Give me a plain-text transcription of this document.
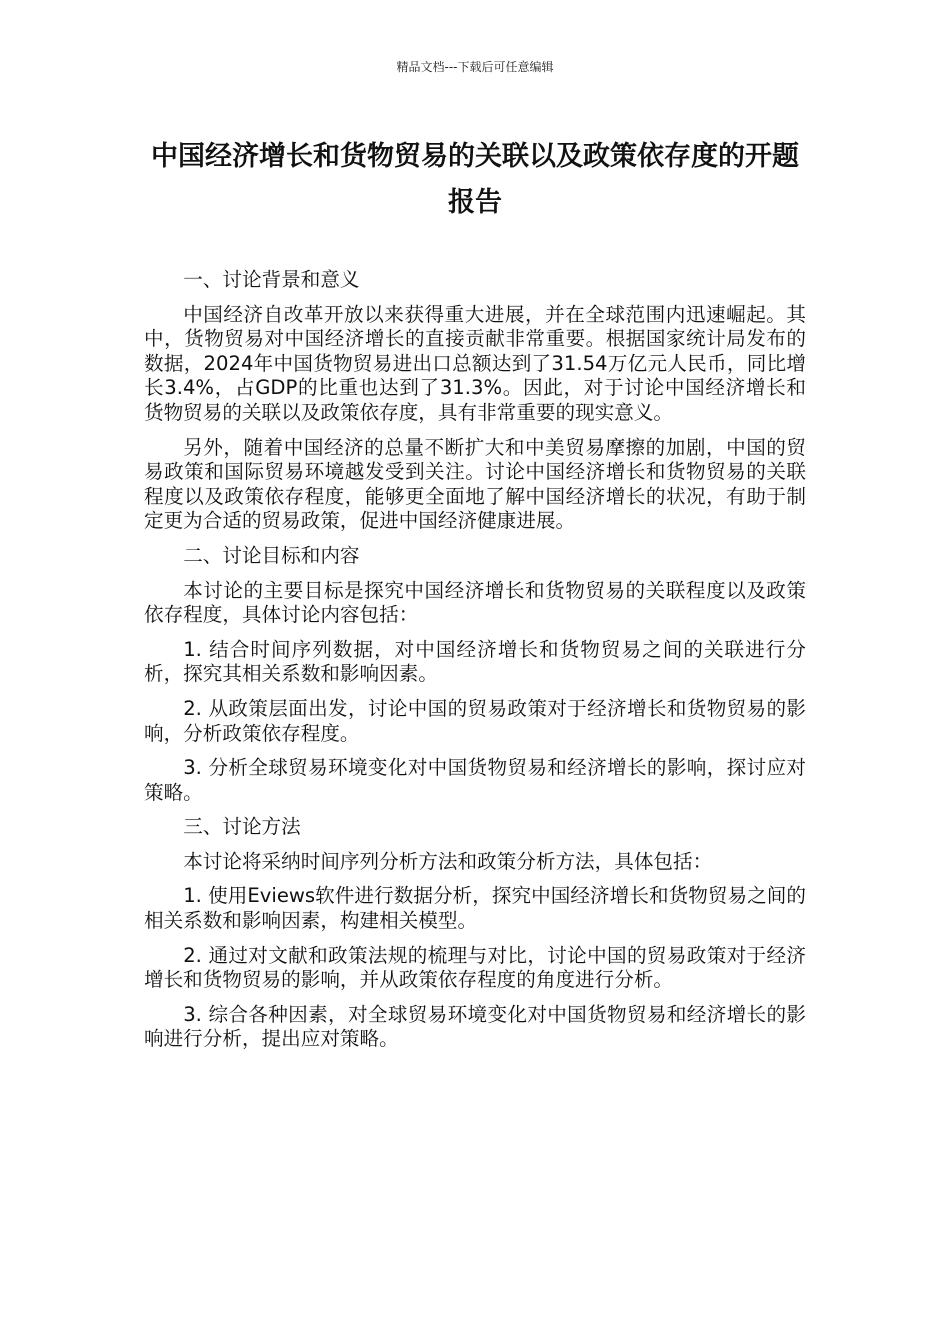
精品文档---下载后可任意编辑
中国经济增长和货物贸易的关联以及政策依存度的开题报告

一、讨论背景和意义

中国经济自改革开放以来获得重大进展，并在全球范围内迅速崛起。其中，货物贸易对中国经济增长的直接贡献非常重要。根据国家统计局发布的数据，2024年中国货物贸易进出口总额达到了31.54万亿元人民币，同比增长3.4%，占GDP的比重也达到了31.3%。因此，对于讨论中国经济增长和货物贸易的关联以及政策依存度，具有非常重要的现实意义。

另外，随着中国经济的总量不断扩大和中美贸易摩擦的加剧，中国的贸易政策和国际贸易环境越发受到关注。讨论中国经济增长和货物贸易的关联程度以及政策依存程度，能够更全面地了解中国经济增长的状况，有助于制定更为合适的贸易政策，促进中国经济健康进展。

二、讨论目标和内容

本讨论的主要目标是探究中国经济增长和货物贸易的关联程度以及政策依存程度，具体讨论内容包括：

1. 结合时间序列数据，对中国经济增长和货物贸易之间的关联进行分析，探究其相关系数和影响因素。

2. 从政策层面出发，讨论中国的贸易政策对于经济增长和货物贸易的影响，分析政策依存程度。

3. 分析全球贸易环境变化对中国货物贸易和经济增长的影响，探讨应对策略。

三、讨论方法

本讨论将采纳时间序列分析方法和政策分析方法，具体包括：

1. 使用Eviews软件进行数据分析，探究中国经济增长和货物贸易之间的相关系数和影响因素，构建相关模型。

2. 通过对文献和政策法规的梳理与对比，讨论中国的贸易政策对于经济增长和货物贸易的影响，并从政策依存程度的角度进行分析。

3. 综合各种因素，对全球贸易环境变化对中国货物贸易和经济增长的影响进行分析，提出应对策略。
